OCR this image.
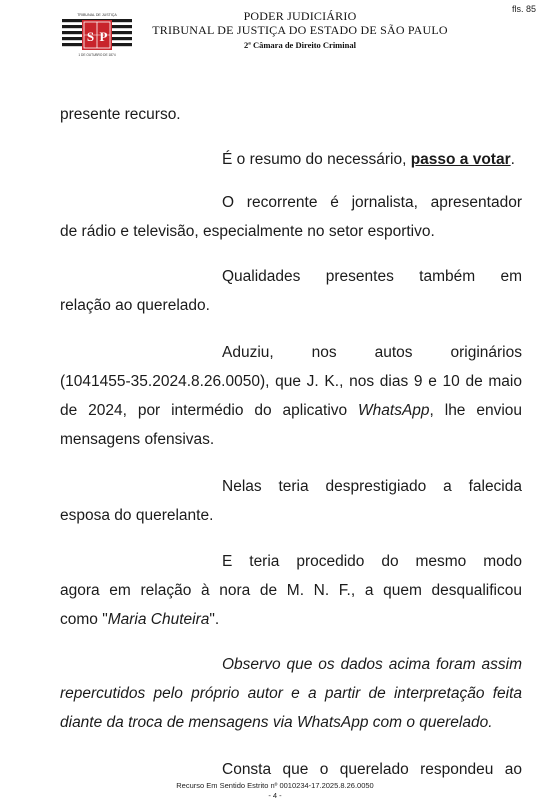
fls. 85
S P
TRIBUNAL DE JUSTIÇA
1 DE OUTUBRO DE 1874
PODER JUDICIÁRIO
TRIBUNAL DE JUSTIÇA DO ESTADO DE SÃO PAULO
2ª Câmara de Direito Criminal
presente recurso.
É o resumo do necessário, passo a votar.
O recorrente é jornalista, apresentador
de rádio e televisão, especialmente no setor esportivo.
Qualidades presentes também em
relação ao querelado.
Aduziu, nos autos originários
(1041455-35.2024.8.26.0050), que J. K., nos dias 9 e 10 de maio
de 2024, por intermédio do aplicativo WhatsApp, lhe enviou
mensagens ofensivas.
Nelas teria desprestigiado a falecida
esposa do querelante.
E teria procedido do mesmo modo
agora em relação à nora de M. N. F., a quem desqualificou
como "Maria Chuteira".
Observo que os dados acima foram assim
repercutidos pelo próprio autor e a partir de interpretação feita
diante da troca de mensagens via WhatsApp com o querelado.
Consta que o querelado respondeu ao
Recurso Em Sentido Estrito nº 0010234-17.2025.8.26.0050
- 4 -
